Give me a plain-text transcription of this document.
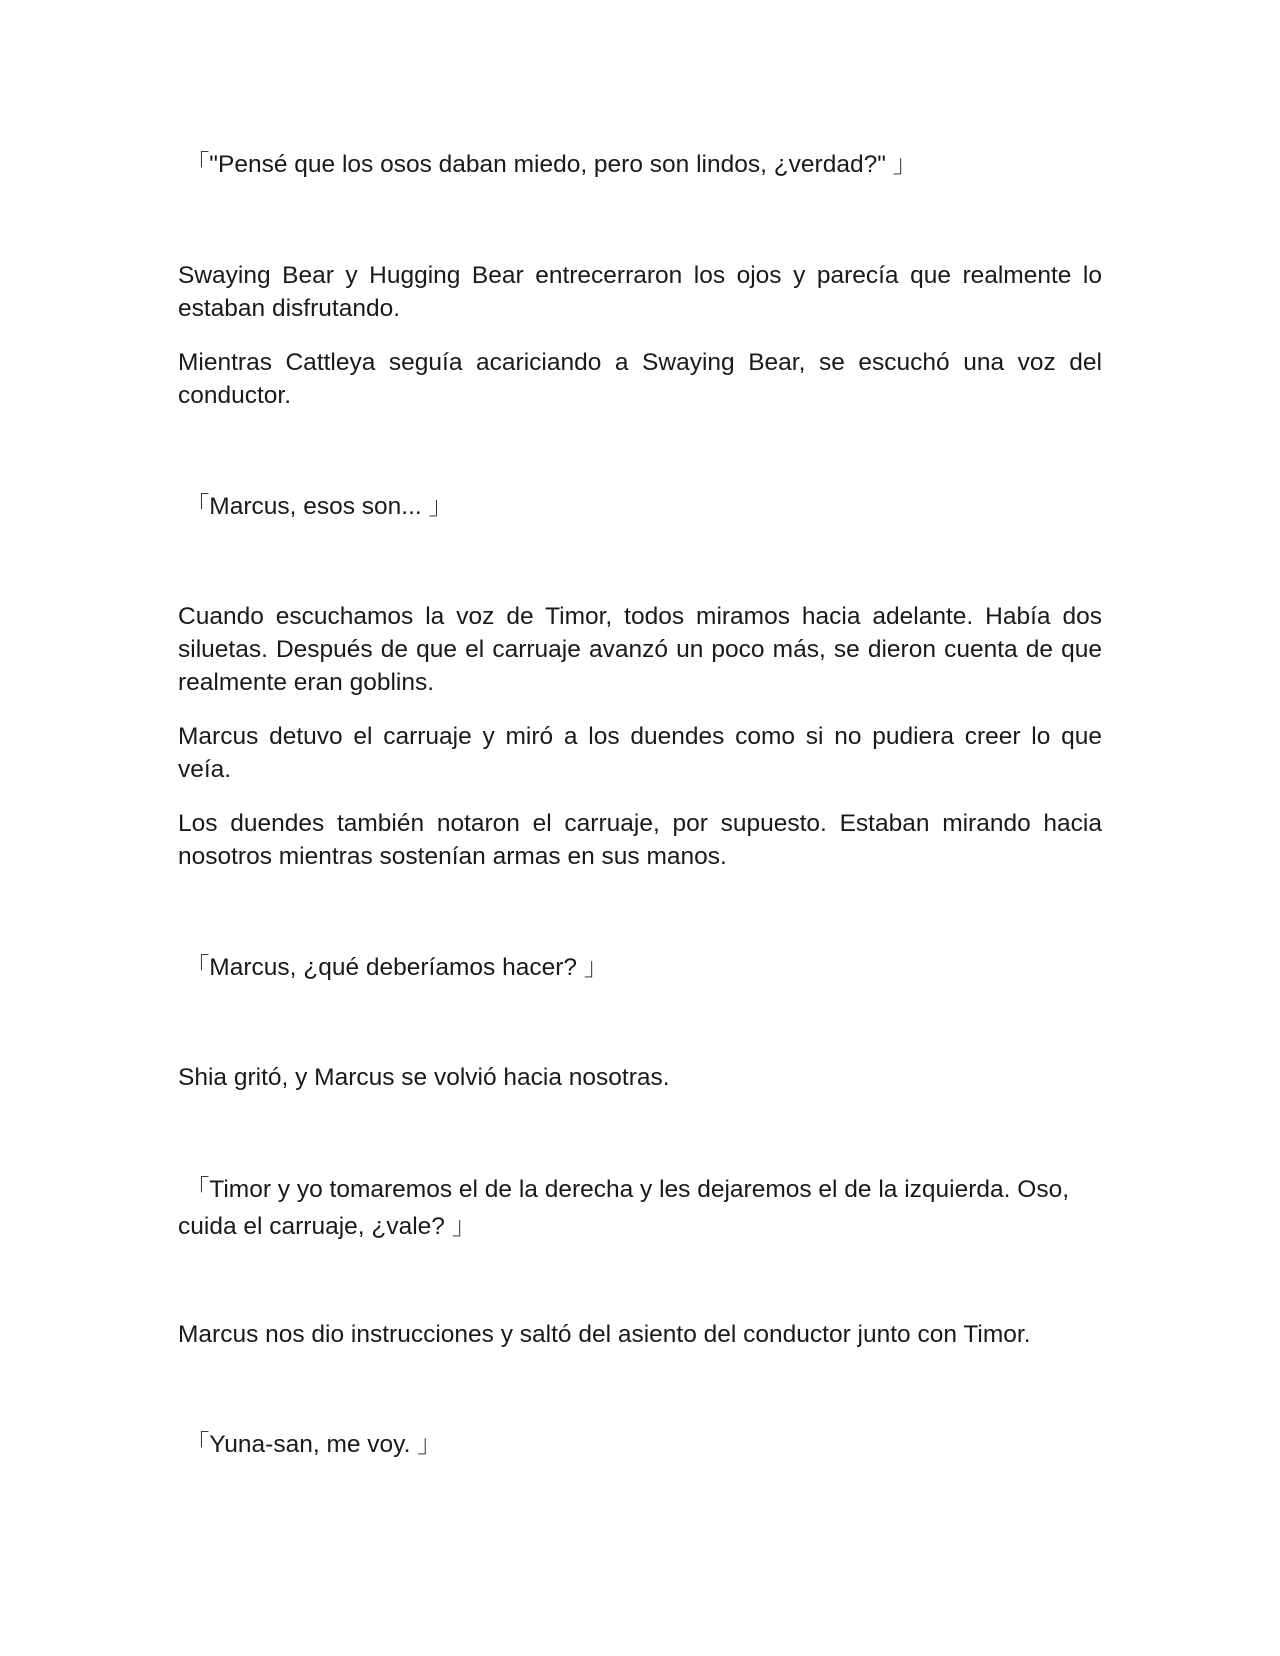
「"Pensé que los osos daban miedo, pero son lindos, ¿verdad?" 」

Swaying Bear y Hugging Bear entrecerraron los ojos y parecía que realmente lo estaban disfrutando.

Mientras Cattleya seguía acariciando a Swaying Bear, se escuchó una voz del conductor.

「Marcus, esos son... 」

Cuando escuchamos la voz de Timor, todos miramos hacia adelante. Había dos siluetas. Después de que el carruaje avanzó un poco más, se dieron cuenta de que realmente eran goblins.

Marcus detuvo el carruaje y miró a los duendes como si no pudiera creer lo que veía.

Los duendes también notaron el carruaje, por supuesto. Estaban mirando hacia nosotros mientras sostenían armas en sus manos.

「Marcus, ¿qué deberíamos hacer? 」

Shia gritó, y Marcus se volvió hacia nosotras.

「Timor y yo tomaremos el de la derecha y les dejaremos el de la izquierda. Oso, cuida el carruaje, ¿vale? 」

Marcus nos dio instrucciones y saltó del asiento del conductor junto con Timor.

「Yuna-san, me voy. 」
